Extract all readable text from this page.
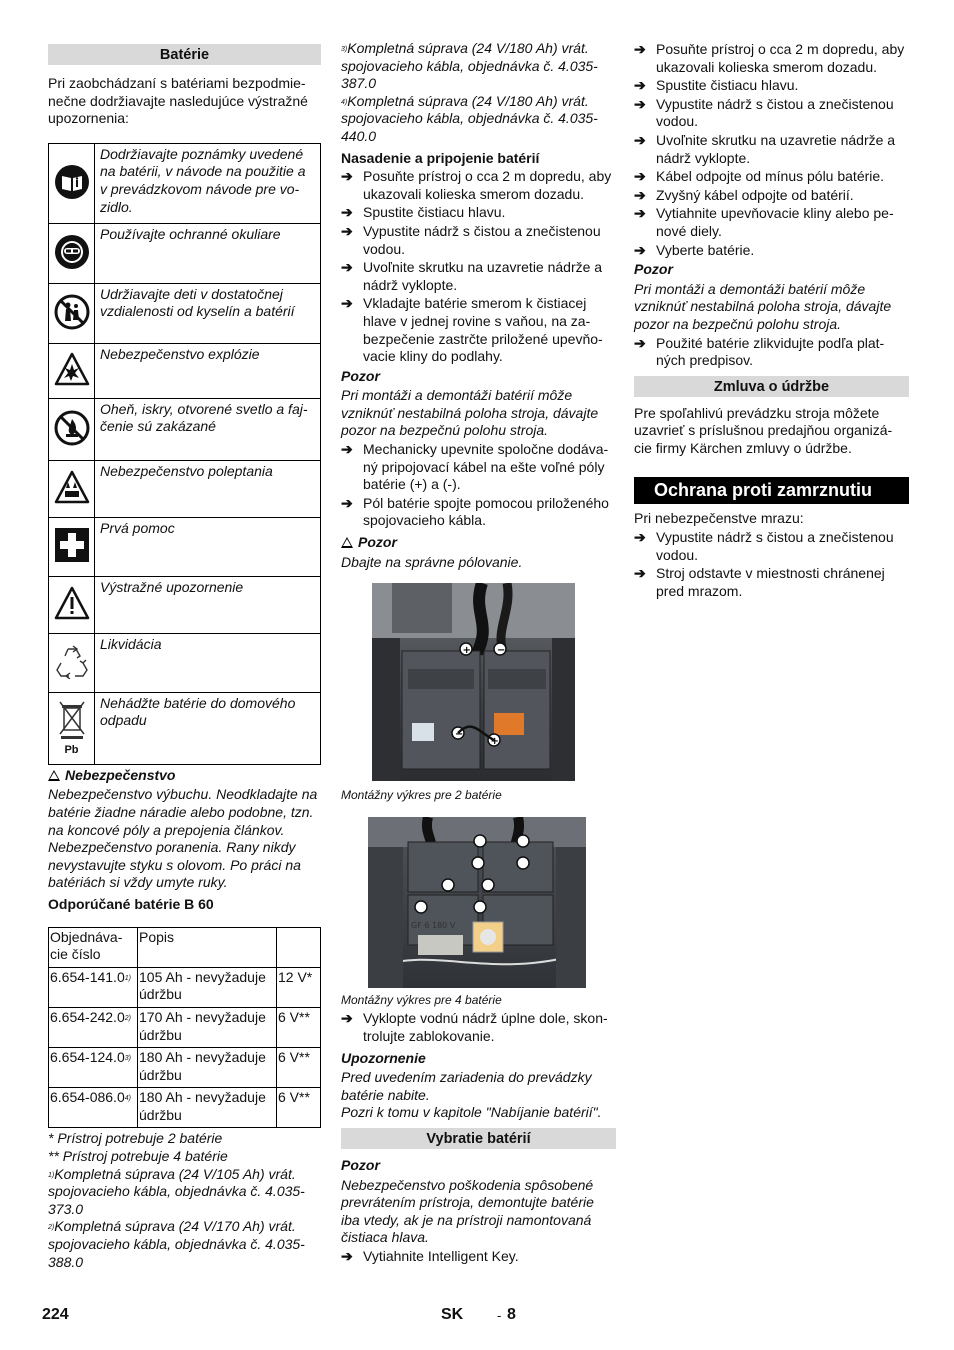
Batérie

Pri zaobchádzaní s batériami bezpodmie-nečne dodržiavajte nasledujúce výstražné upozornenia:

	Dodržiavajte poznámky uvedené na batérii, v návode na použitie a v prevádzkovom návode pre vo-zidlo.
	Používajte ochranné okuliare
	Udržiavajte deti v dostatočnej vzdialenosti od kyselín a batérií
	Nebezpečenstvo explózie
	Oheň, iskry, otvorené svetlo a faj-čenie sú zakázané
	Nebezpečenstvo poleptania
	Prvá pomoc
	Výstražné upozornenie
	Likvidácia

Pb	Nehádžte batérie do domového odpadu

Nebezpečenstvo

Nebezpečenstvo výbuchu. Neodkladajte na batérie žiadne náradie alebo podobne, tzn. na koncové póly a prepojenia článkov. Nebezpečenstvo poranenia. Rany nikdy nevystavujte styku s olovom. Po práci na batériách si vždy umyte ruky.

Odporúčané batérie B 60

Objednáva-cie číslo	Popis	
6.654-141.0$^{1)}$	105 Ah - nevyžaduje údržbu	12 V*
6.654-242.0$^{2)}$	170 Ah - nevyžaduje údržbu	6 V**
6.654-124.0$^{3)}$	180 Ah - nevyžaduje údržbu	6 V**
6.654-086.0$^{4)}$	180 Ah - nevyžaduje údržbu	6 V**

* Prístroj potrebuje 2 batérie

** Prístroj potrebuje 4 batérie

$^{1)}$Kompletná súprava (24 V/105 Ah) vrát. spojovacieho kábla, objednávka č. 4.035-373.0

$^{2)}$Kompletná súprava (24 V/170 Ah) vrát. spojovacieho kábla, objednávka č. 4.035-388.0

$^{3)}$Kompletná súprava (24 V/180 Ah) vrát. spojovacieho kábla, objednávka č. 4.035-387.0

$^{4)}$Kompletná súprava (24 V/180 Ah) vrát. spojovacieho kábla, objednávka č. 4.035-440.0

Nasadenie a pripojenie batérií

➔ Posuňte prístroj o cca 2 m dopredu, aby ukazovali kolieska smerom dozadu.
➔ Spustite čistiacu hlavu.
➔ Vypustite nádrž s čistou a znečistenou vodou.
➔ Uvoľnite skrutku na uzavretie nádrže a nádrž vyklopte.
➔ Vkladajte batérie smerom k čistiacej hlave v jednej rovine s vaňou, na za-bezpečenie zastrčte priložené upevňo-vacie kliny do podlahy.

Pozor

Pri montáži a demontáži batérií môže vzniknúť nestabilná poloha stroja, dávajte pozor na bezpečnú polohu stroja.

➔ Mechanicky upevnite spoločne dodáva-ný pripojovací kábel na ešte voľné póly batérie (+) a (-).
➔ Pól batérie spojte pomocou priloženého spojovacieho kábla.

Pozor

Dbajte na správne pólovanie.

+	−
−
+

Montážny výkres pre 2 batérie

GF 6 180 V

Montážny výkres pre 4 batérie

➔ Vyklopte vodnú nádrž úplne dole, skon-trolujte zablokovanie.

Upozornenie

Pred uvedením zariadenia do prevádzky batérie nabite.

Pozri k tomu v kapitole "Nabíjanie batérií".

Vybratie batérií

Pozor

Nebezpečenstvo poškodenia spôsobené prevrátením prístroja, demontujte batérie iba vtedy, ak je na prístroji namontovaná čistiaca hlava.

➔ Vytiahnite Intelligent Key.
➔ Posuňte prístroj o cca 2 m dopredu, aby ukazovali kolieska smerom dozadu.
➔ Spustite čistiacu hlavu.
➔ Vypustite nádrž s čistou a znečistenou vodou.
➔ Uvoľnite skrutku na uzavretie nádrže a nádrž vyklopte.
➔ Kábel odpojte od mínus pólu batérie.
➔ Zvyšný kábel odpojte od batérií.
➔ Vytiahnite upevňovacie kliny alebo pe-nové diely.
➔ Vyberte batérie.

Pozor

Pri montáži a demontáži batérií môže vzniknúť nestabilná poloha stroja, dávajte pozor na bezpečnú polohu stroja.

➔ Použité batérie zlikvidujte podľa plat-ných predpisov.
Zmluva o údržbe

Pre spoľahlivú prevádzku stroja môžete uzavrieť s príslušnou predajňou organizá-cie firmy Kärchen zmluvy o údržbe.

Ochrana proti zamrznutiu

Pri nebezpečenstve mrazu:

➔ Vypustite nádrž s čistou a znečistenou vodou.
➔ Stroj odstavte v miestnosti chránenej pred mrazom.
224	SK	- 8
